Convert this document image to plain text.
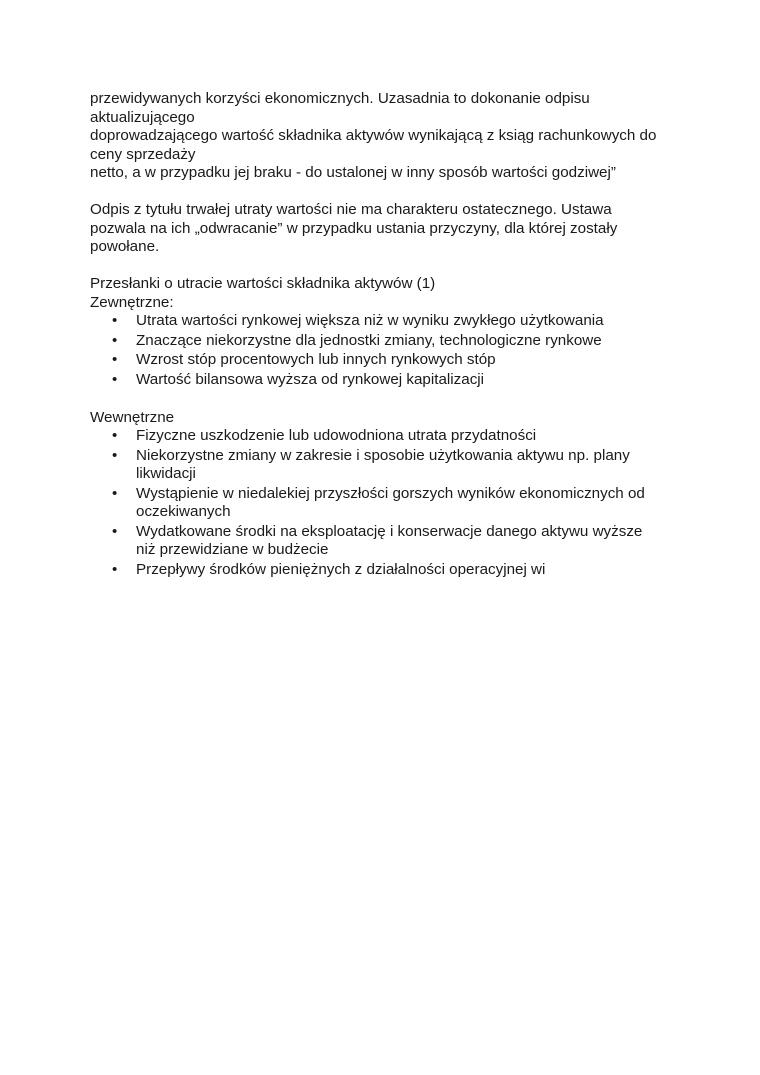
przewidywanych korzyści ekonomicznych. Uzasadnia to dokonanie odpisu

aktualizującego

doprowadzającego wartość składnika aktywów wynikającą z ksiąg rachunkowych do

ceny sprzedaży

netto, a w przypadku jej braku - do ustalonej w inny sposób wartości godziwej”

Odpis z tytułu trwałej utraty wartości nie ma charakteru ostatecznego. Ustawa

pozwala na ich „odwracanie” w przypadku ustania przyczyny, dla której zostały

powołane.

Przesłanki o utracie wartości składnika aktywów (1)

Zewnętrzne:

• Utrata wartości rynkowej większa niż w wyniku zwykłego użytkowania
• Znaczące niekorzystne dla jednostki zmiany, technologiczne rynkowe
• Wzrost stóp procentowych lub innych rynkowych stóp
• Wartość bilansowa wyższa od rynkowej kapitalizacji

Wewnętrzne

• Fizyczne uszkodzenie lub udowodniona utrata przydatności
• Niekorzystne zmiany w zakresie i sposobie użytkowania aktywu np. plany
likwidacji
• Wystąpienie w niedalekiej przyszłości gorszych wyników ekonomicznych od
oczekiwanych
• Wydatkowane środki na eksploatację i konserwacje danego aktywu wyższe
niż przewidziane w budżecie
• Przepływy środków pieniężnych z działalności operacyjnej wi
